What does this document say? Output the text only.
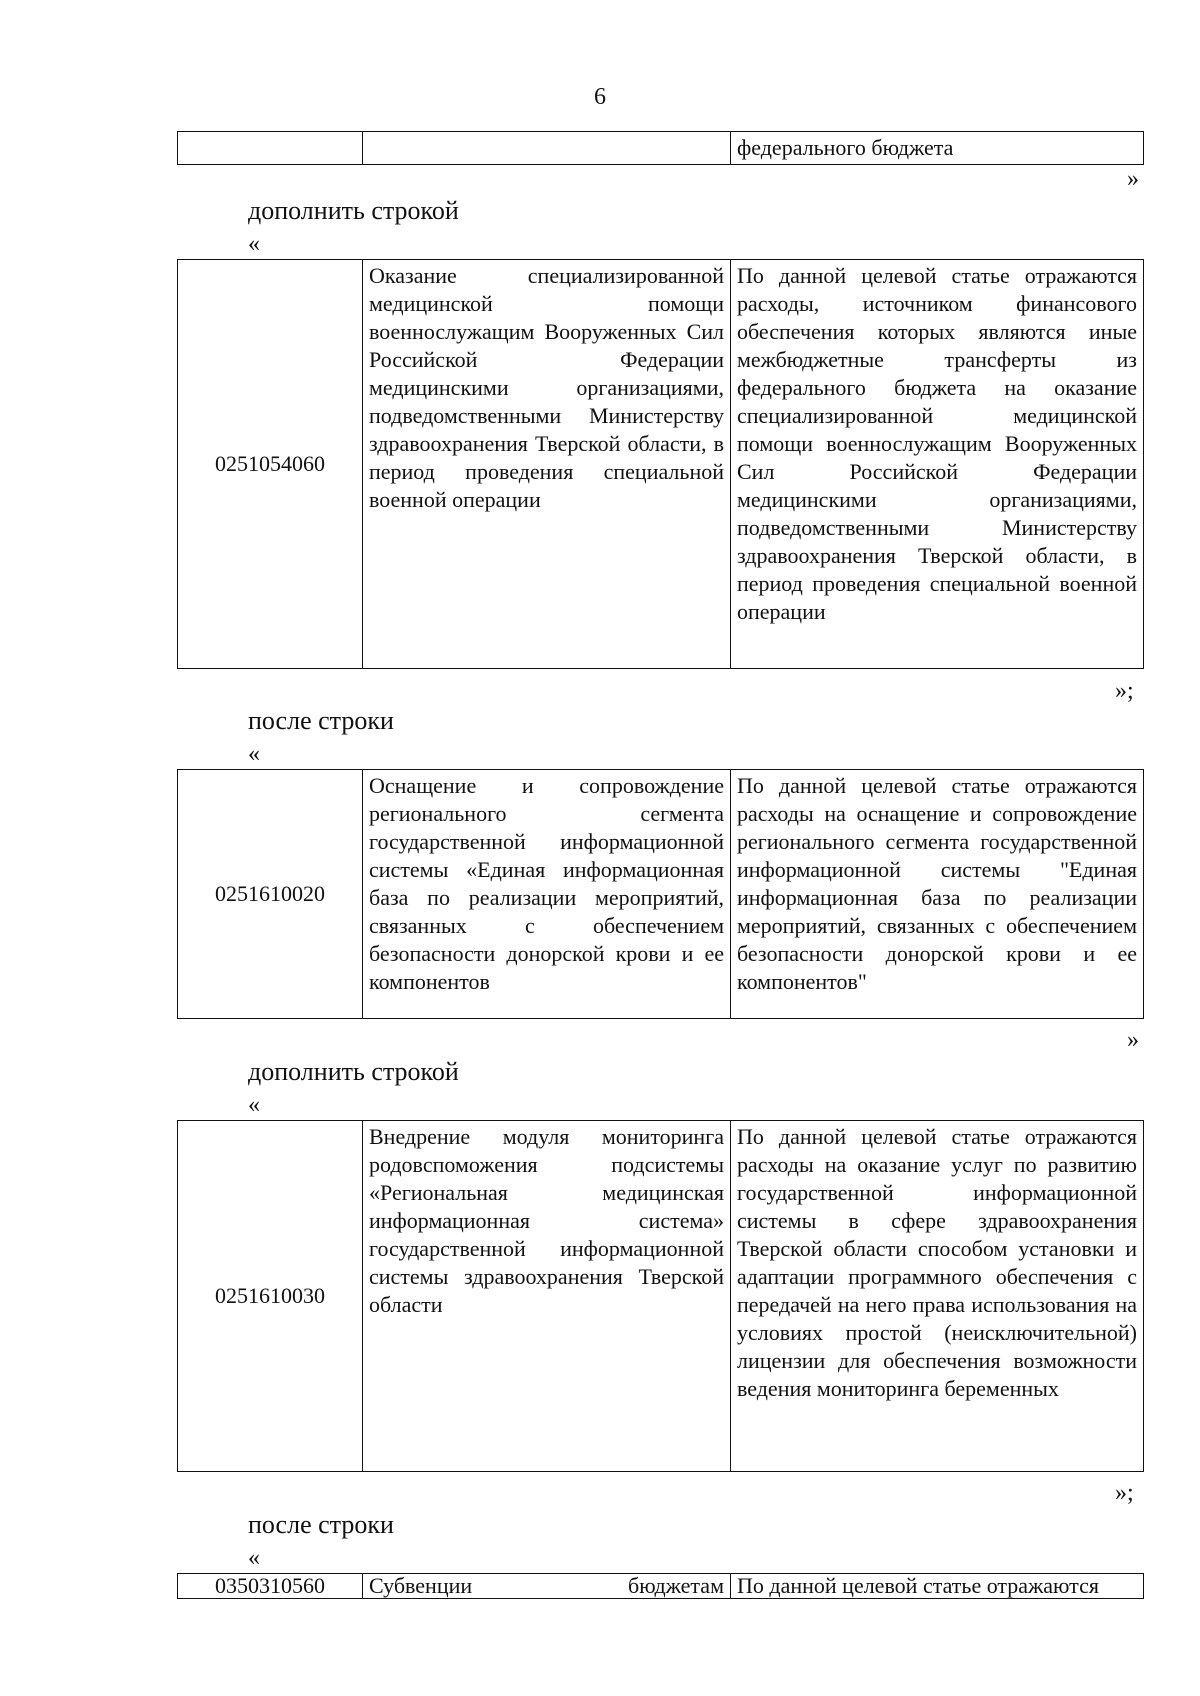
6
		федерального бюджета
»
дополнить строкой
«
0251054060	Оказание специализированной медицинской помощи военнослужащим Вооруженных Сил Российской Федерации медицинскими организациями, подведомственными Министерству здравоохранения Тверской области, в период проведения специальной военной операции	По данной целевой статье отражаются расходы, источником финансового обеспечения которых являются иные межбюджетные трансферты из федерального бюджета на оказание специализированной медицинской помощи военнослужащим Вооруженных Сил Российской Федерации медицинскими организациями, подведомственными Министерству здравоохранения Тверской области, в период проведения специальной военной операции
»;
после строки
«
0251610020	Оснащение и сопровождение регионального сегмента государственной информационной системы «Единая информационная база по реализации мероприятий, связанных с обеспечением безопасности донорской крови и ее компонентов	По данной целевой статье отражаются расходы на оснащение и сопровождение регионального сегмента государственной информационной системы "Единая информационная база по реализации мероприятий, связанных с обеспечением безопасности донорской крови и ее компонентов"
»
дополнить строкой
«
0251610030	Внедрение модуля мониторинга родовспоможения подсистемы «Региональная медицинская информационная система» государственной информационной системы здравоохранения Тверской области	По данной целевой статье отражаются расходы на оказание услуг по развитию государственной информационной системы в сфере здравоохранения Тверской области способом установки и адаптации программного обеспечения с передачей на него права использования на условиях простой (неисключительной) лицензии для обеспечения возможности ведения мониторинга беременных
»;
после строки
«
0350310560	Субвенции бюджетам	По данной целевой статье отражаются
